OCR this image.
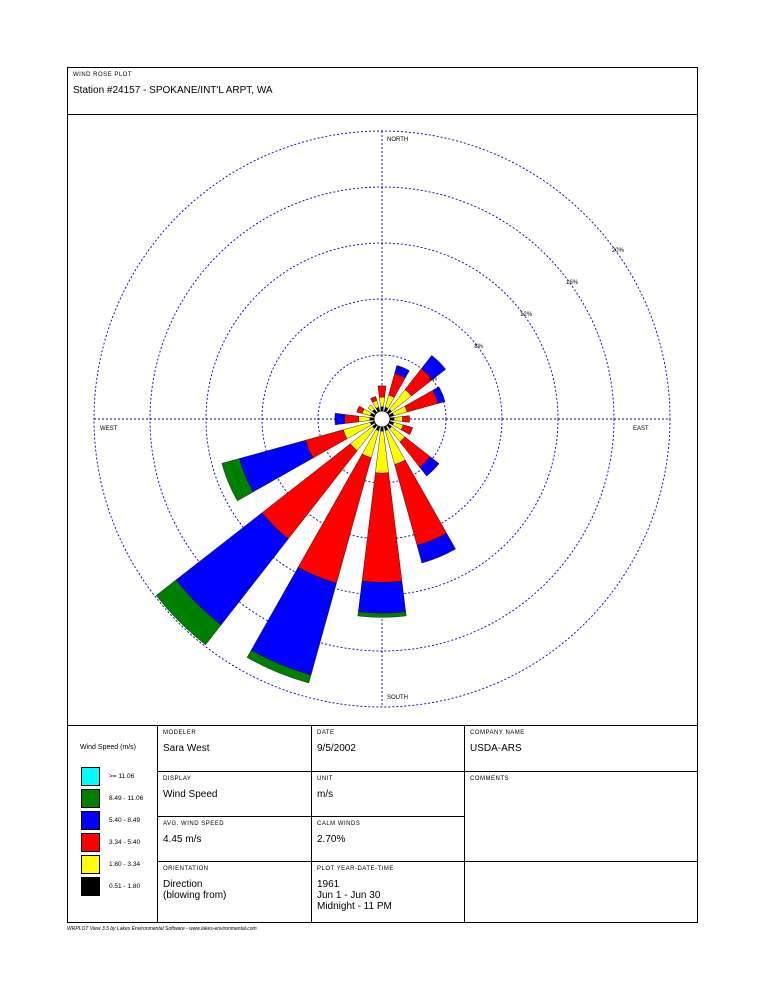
WIND ROSE PLOT
Station #24157 - SPOKANE/INT'L ARPT, WA
4%
8%
12%
16%
20%
NORTH
SOUTH
EAST
WEST
Wind Speed (m/s)
>= 11.06
8.49 - 11.06
5.40 - 8.49
3.34 - 5.40
1.80 - 3.34
0.51 - 1.80
MODELER
Sara West
DATE
9/5/2002
COMPANY NAME
USDA-ARS
DISPLAY
Wind Speed
UNIT
m/s
COMMENTS
AVG. WIND SPEED
4.45 m/s
CALM WINDS
2.70%
ORIENTATION
Direction
(blowing from)
PLOT YEAR-DATE-TIME
1961
Jun 1 - Jun 30
Midnight - 11 PM
WRPLOT View 3.5 by Lakes Environmental Software - www.lakes-environmental.com
